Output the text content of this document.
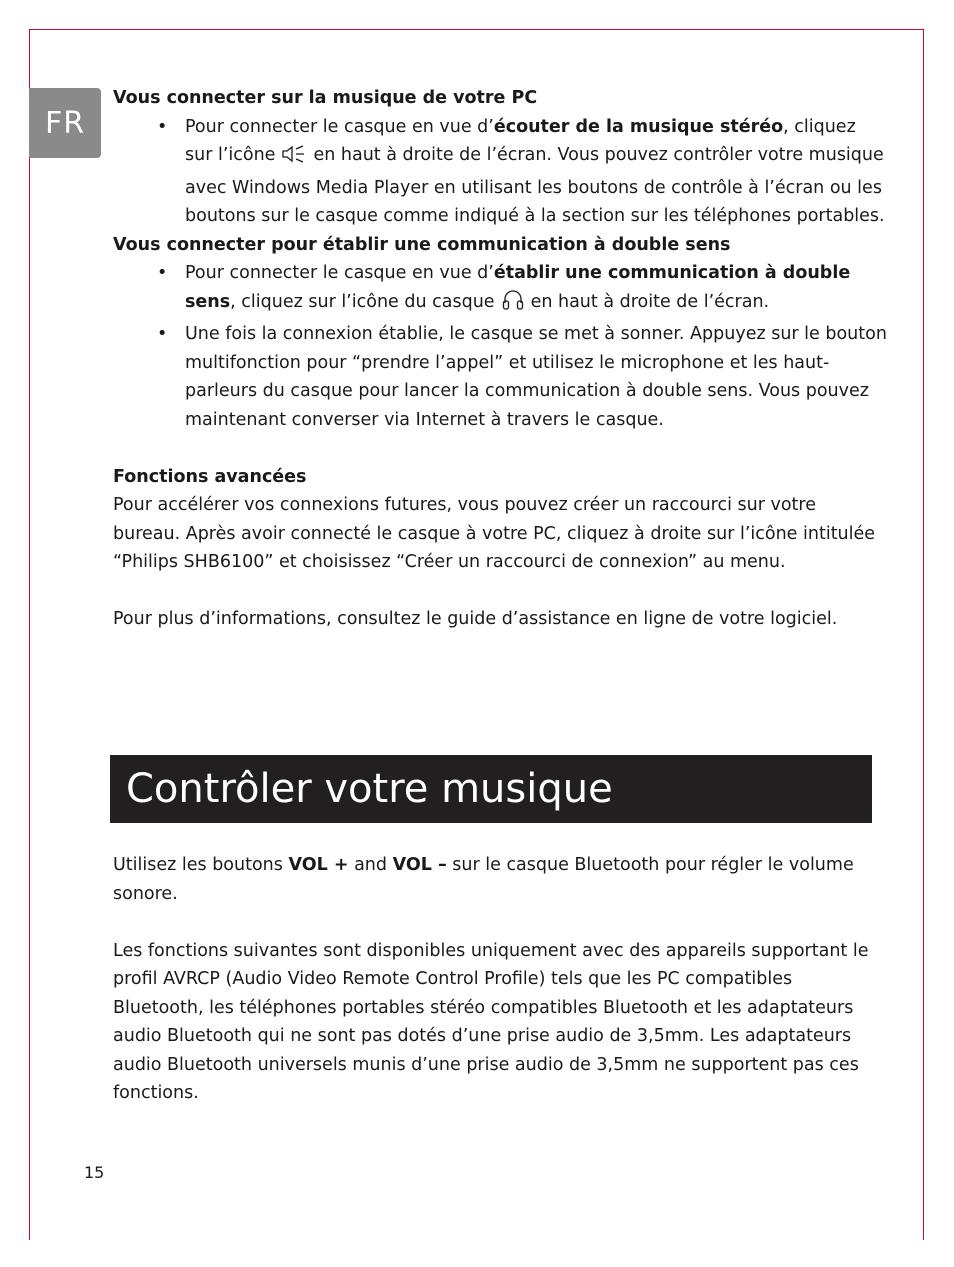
FR

Vous connecter sur la musique de votre PC

• Pour connecter le casque en vue d’écouter de la musique stéréo, cliquez sur l’icône en haut à droite de l’écran. Vous pouvez contrôler votre musique avec Windows Media Player en utilisant les boutons de contrôle à l’écran ou les boutons sur le casque comme indiqué à la section sur les téléphones portables.

Vous connecter pour établir une communication à double sens

• Pour connecter le casque en vue d’établir une communication à double sens, cliquez sur l’icône du casque en haut à droite de l’écran.
• Une fois la connexion établie, le casque se met à sonner. Appuyez sur le bouton multifonction pour “prendre l’appel” et utilisez le microphone et les haut-parleurs du casque pour lancer la communication à double sens. Vous pouvez maintenant converser via Internet à travers le casque.

Fonctions avancées

Pour accélérer vos connexions futures, vous pouvez créer un raccourci sur votre bureau. Après avoir connecté le casque à votre PC, cliquez à droite sur l’icône intitulée “Philips SHB6100” et choisissez “Créer un raccourci de connexion” au menu.

Pour plus d’informations, consultez le guide d’assistance en ligne de votre logiciel.

Contrôler votre musique

Utilisez les boutons VOL + and VOL – sur le casque Bluetooth pour régler le volume sonore.

Les fonctions suivantes sont disponibles uniquement avec des appareils supportant le profil AVRCP (Audio Video Remote Control Profile) tels que les PC compatibles Bluetooth, les téléphones portables stéréo compatibles Bluetooth et les adaptateurs audio Bluetooth qui ne sont pas dotés d’une prise audio de 3,5mm. Les adaptateurs audio Bluetooth universels munis d’une prise audio de 3,5mm ne supportent pas ces fonctions.

15
